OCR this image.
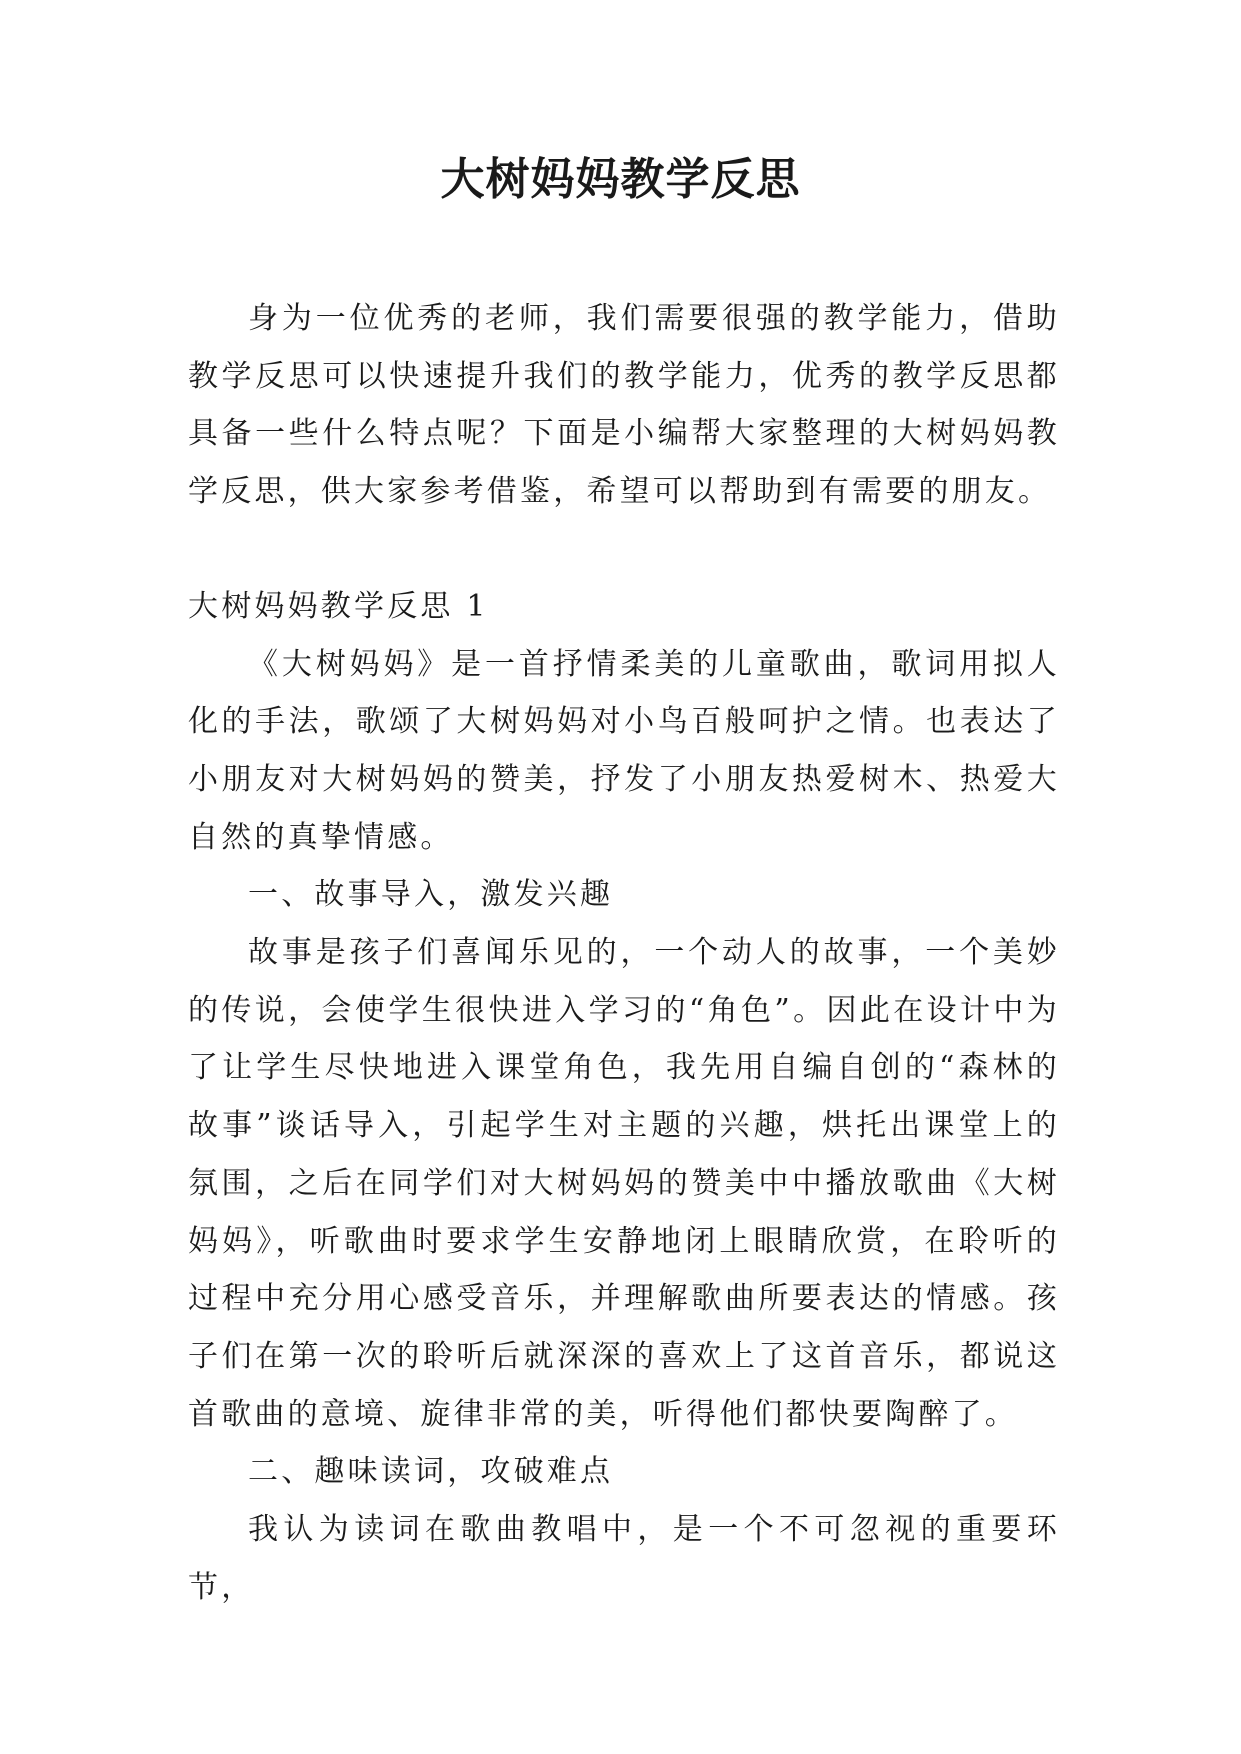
大树妈妈教学反思

身为一位优秀的老师，我们需要很强的教学能力，借助教学反思可以快速提升我们的教学能力，优秀的教学反思都具备一些什么特点呢？下面是小编帮大家整理的大树妈妈教学反思，供大家参考借鉴，希望可以帮助到有需要的朋友。

大树妈妈教学反思 1

《大树妈妈》是一首抒情柔美的儿童歌曲，歌词用拟人化的手法，歌颂了大树妈妈对小鸟百般呵护之情。也表达了小朋友对大树妈妈的赞美，抒发了小朋友热爱树木、热爱大自然的真挚情感。

一、故事导入，激发兴趣

故事是孩子们喜闻乐见的，一个动人的故事，一个美妙的传说，会使学生很快进入学习的“角色”。因此在设计中为了让学生尽快地进入课堂角色，我先用自编自创的“森林的故事”谈话导入，引起学生对主题的兴趣，烘托出课堂上的氛围，之后在同学们对大树妈妈的赞美中中播放歌曲《大树妈妈》，听歌曲时要求学生安静地闭上眼睛欣赏，在聆听的过程中充分用心感受音乐，并理解歌曲所要表达的情感。孩子们在第一次的聆听后就深深的喜欢上了这首音乐，都说这首歌曲的意境、旋律非常的美，听得他们都快要陶醉了。

二、趣味读词，攻破难点

我认为读词在歌曲教唱中，是一个不可忽视的重要环节，
